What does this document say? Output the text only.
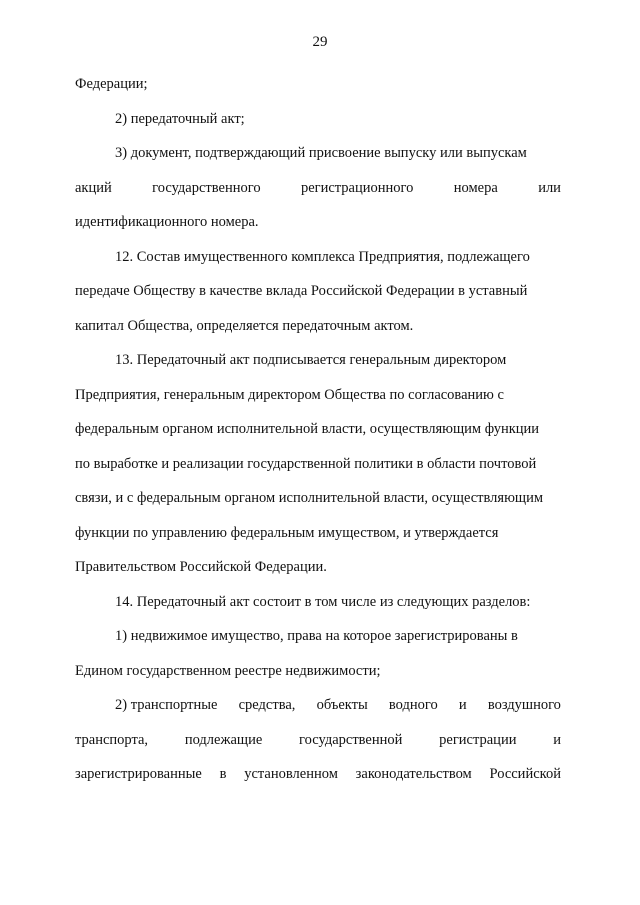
29
Федерации;
2) передаточный акт;
3) документ, подтверждающий присвоение выпуску или выпускам
акций	государственного	регистрационного	номера	или
идентификационного номера.
12. Состав имущественного комплекса Предприятия, подлежащего
передаче Обществу в качестве вклада Российской Федерации в уставный
капитал Общества, определяется передаточным актом.
13. Передаточный акт подписывается генеральным директором
Предприятия, генеральным директором Общества по согласованию с
федеральным органом исполнительной власти, осуществляющим функции
по выработке и реализации государственной политики в области почтовой
связи, и с федеральным органом исполнительной власти, осуществляющим
функции по управлению федеральным имуществом, и утверждается
Правительством Российской Федерации.
14. Передаточный акт состоит в том числе из следующих разделов:
1) недвижимое имущество, права на которое зарегистрированы в
Едином государственном реестре недвижимости;
2) транспортные средства, объекты водного и воздушного
транспорта,	подлежащие	государственной	регистрации	и
зарегистрированные в установленном законодательством Российской
